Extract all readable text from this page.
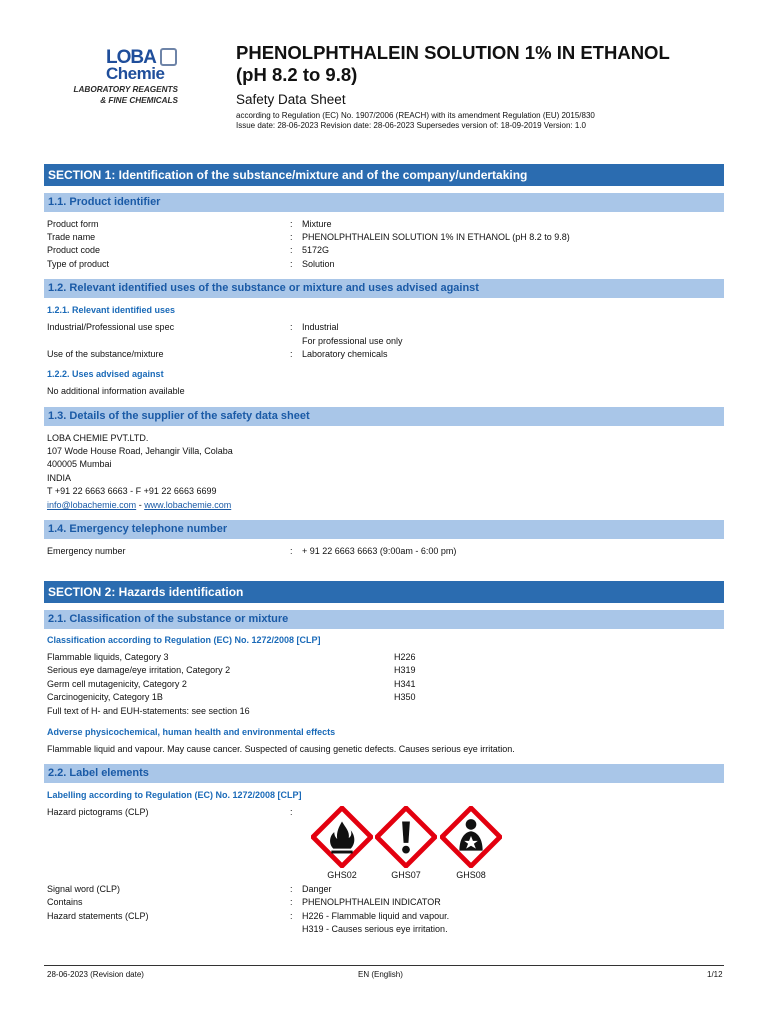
LOBA
Chemie
LABORATORY REAGENTS
& FINE CHEMICALS
PHENOLPHTHALEIN SOLUTION 1% IN ETHANOL
(pH 8.2 to 9.8)
Safety Data Sheet
according to Regulation (EC) No. 1907/2006 (REACH) with its amendment Regulation (EU) 2015/830
Issue date: 28-06-2023 Revision date: 28-06-2023 Supersedes version of: 18-09-2019 Version: 1.0
SECTION 1: Identification of the substance/mixture and of the company/undertaking
1.1. Product identifier
Product form	: Mixture
Trade name	: PHENOLPHTHALEIN SOLUTION 1% IN ETHANOL (pH 8.2 to 9.8)
Product code	: 5172G
Type of product	: Solution
1.2. Relevant identified uses of the substance or mixture and uses advised against
1.2.1. Relevant identified uses
Industrial/Professional use spec	: Industrial
For professional use only
Use of the substance/mixture	: Laboratory chemicals
1.2.2. Uses advised against
No additional information available
1.3. Details of the supplier of the safety data sheet
LOBA CHEMIE PVT.LTD.
107 Wode House Road, Jehangir Villa, Colaba
400005 Mumbai
INDIA
T +91 22 6663 6663 - F +91 22 6663 6699
info@lobachemie.com - www.lobachemie.com
1.4. Emergency telephone number
Emergency number	: + 91 22 6663 6663 (9:00am - 6:00 pm)
SECTION 2: Hazards identification
2.1. Classification of the substance or mixture
Classification according to Regulation (EC) No. 1272/2008 [CLP]
Flammable liquids, Category 3	H226
Serious eye damage/eye irritation, Category 2	H319
Germ cell mutagenicity, Category 2	H341
Carcinogenicity, Category 1B	H350
Full text of H- and EUH-statements: see section 16
Adverse physicochemical, human health and environmental effects
Flammable liquid and vapour. May cause cancer. Suspected of causing genetic defects. Causes serious eye irritation.
2.2. Label elements
Labelling according to Regulation (EC) No. 1272/2008 [CLP]
Hazard pictograms (CLP)	:
GHS02	GHS07	GHS08
Signal word (CLP)	: Danger
Contains	: PHENOLPHTHALEIN INDICATOR
Hazard statements (CLP)	: H226 - Flammable liquid and vapour.
H319 - Causes serious eye irritation.
28-06-2023 (Revision date)	EN (English)	1/12
